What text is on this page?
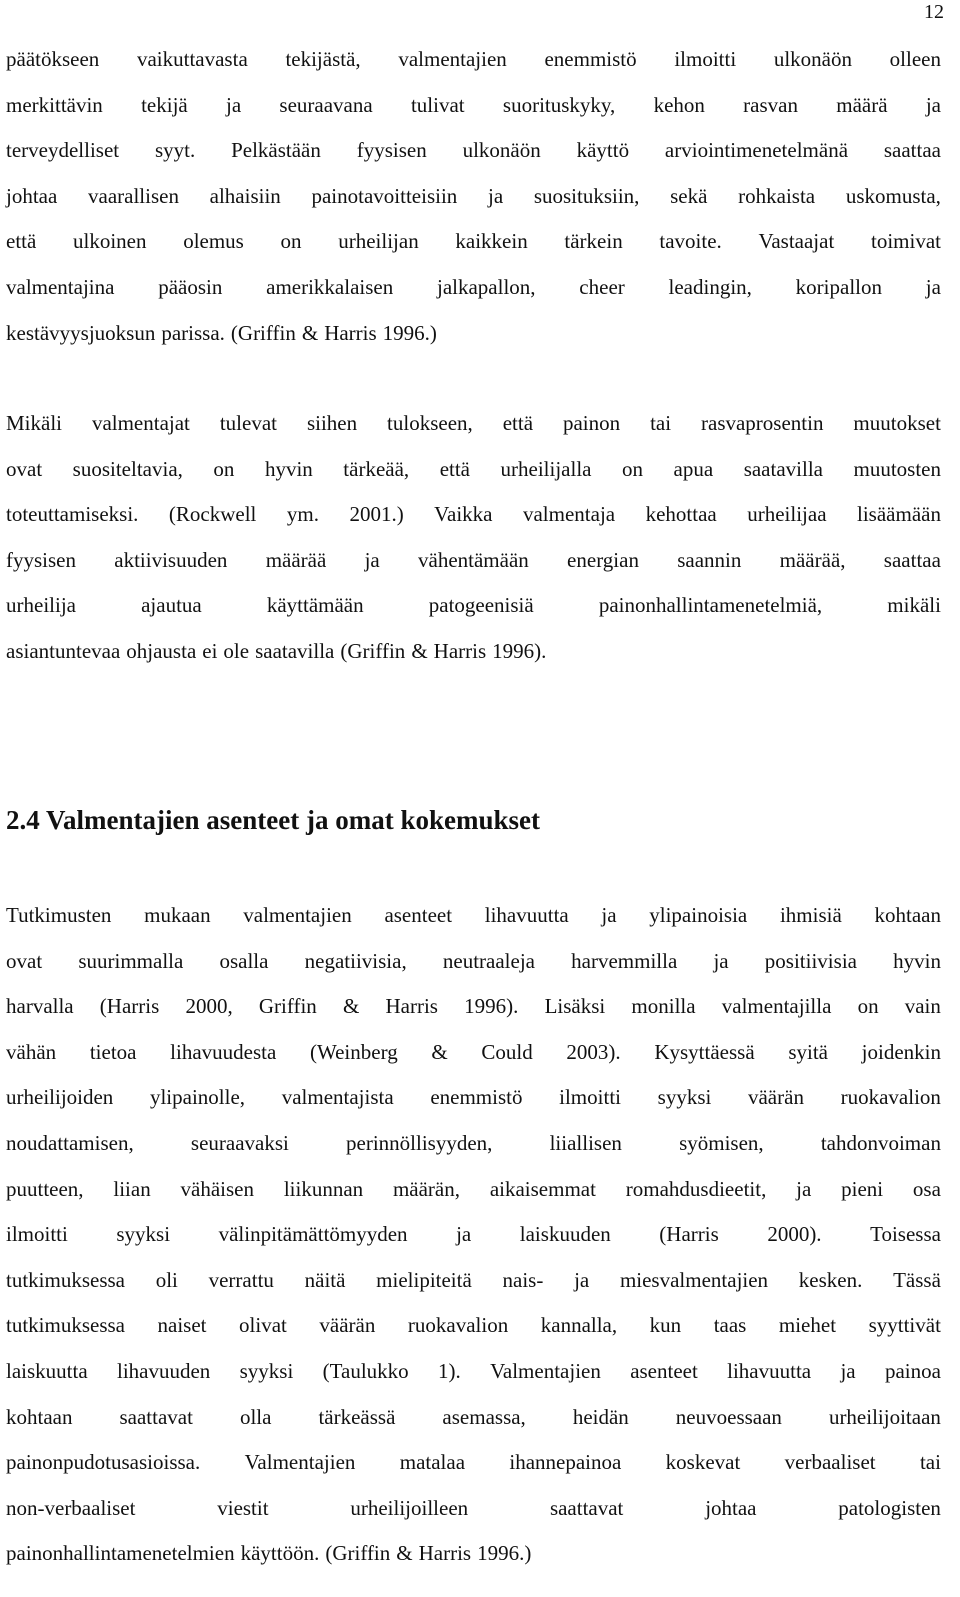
12
päätökseen vaikuttavasta tekijästä, valmentajien enemmistö ilmoitti ulkonäön olleen
merkittävin tekijä ja seuraavana tulivat suorituskyky, kehon rasvan määrä ja
terveydelliset syyt. Pelkästään fyysisen ulkonäön käyttö arviointimenetelmänä saattaa
johtaa vaarallisen alhaisiin painotavoitteisiin ja suosituksiin, sekä rohkaista uskomusta,
että ulkoinen olemus on urheilijan kaikkein tärkein tavoite. Vastaajat toimivat
valmentajina pääosin amerikkalaisen jalkapallon, cheer leadingin, koripallon ja
kestävyysjuoksun parissa. (Griffin & Harris 1996.)
Mikäli valmentajat tulevat siihen tulokseen, että painon tai rasvaprosentin muutokset
ovat suositeltavia, on hyvin tärkeää, että urheilijalla on apua saatavilla muutosten
toteuttamiseksi. (Rockwell ym. 2001.) Vaikka valmentaja kehottaa urheilijaa lisäämään
fyysisen aktiivisuuden määrää ja vähentämään energian saannin määrää, saattaa
urheilija	ajautua	käyttämään	patogeenisiä	painonhallintamenetelmiä,	mikäli
asiantuntevaa ohjausta ei ole saatavilla (Griffin & Harris 1996).
2.4 Valmentajien asenteet ja omat kokemukset
Tutkimusten mukaan valmentajien asenteet lihavuutta ja ylipainoisia ihmisiä kohtaan
ovat suurimmalla osalla negatiivisia, neutraaleja harvemmilla ja positiivisia hyvin
harvalla (Harris 2000, Griffin & Harris 1996). Lisäksi monilla valmentajilla on vain
vähän tietoa lihavuudesta (Weinberg & Could 2003). Kysyttäessä syitä joidenkin
urheilijoiden ylipainolle, valmentajista enemmistö ilmoitti syyksi väärän ruokavalion
noudattamisen,	seuraavaksi	perinnöllisyyden,	liiallisen	syömisen,	tahdonvoiman
puutteen, liian vähäisen liikunnan määrän, aikaisemmat romahdusdieetit, ja pieni osa
ilmoitti syyksi välinpitämättömyyden ja laiskuuden (Harris 2000). Toisessa
tutkimuksessa oli verrattu näitä mielipiteitä nais- ja miesvalmentajien kesken. Tässä
tutkimuksessa naiset olivat väärän ruokavalion kannalla, kun taas miehet syyttivät
laiskuutta lihavuuden syyksi (Taulukko 1). Valmentajien asenteet lihavuutta ja painoa
kohtaan saattavat olla tärkeässä asemassa, heidän neuvoessaan urheilijoitaan
painonpudotusasioissa. Valmentajien matalaa ihannepainoa koskevat verbaaliset tai
non-verbaaliset	viestit	urheilijoilleen	saattavat	johtaa	patologisten
painonhallintamenetelmien käyttöön. (Griffin & Harris 1996.)
